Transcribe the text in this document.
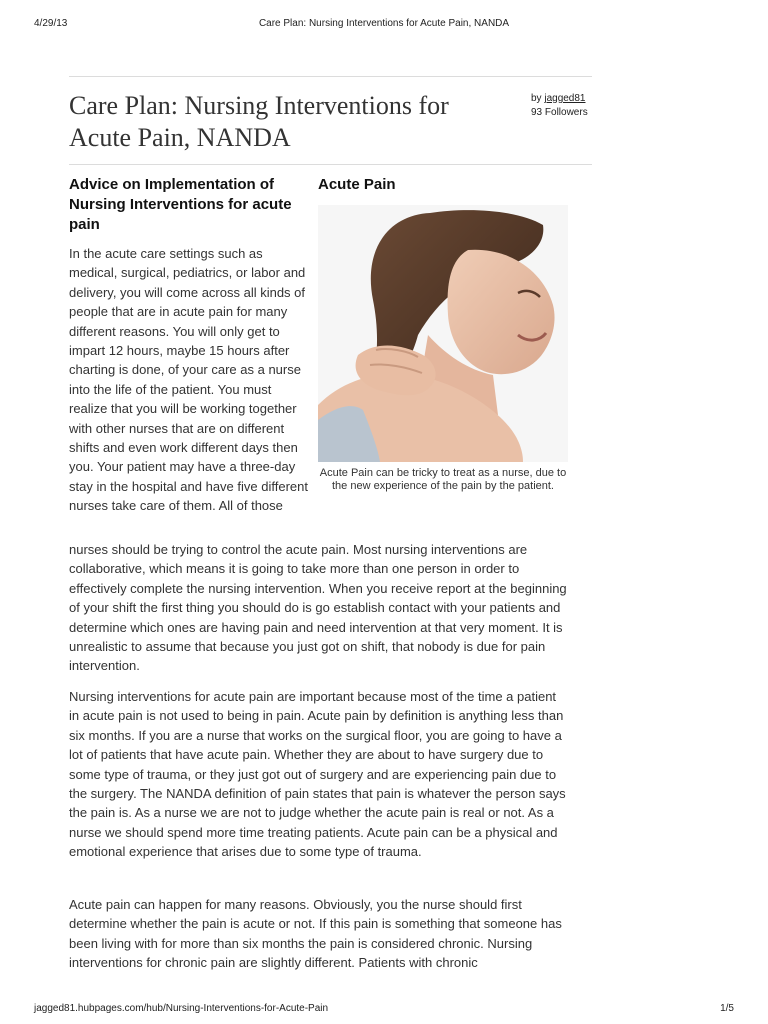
4/29/13	Care Plan: Nursing Interventions for Acute Pain, NANDA
Care Plan: Nursing Interventions for Acute Pain, NANDA
by jagged81
93 Followers
Advice on Implementation of Nursing Interventions for acute pain
Acute Pain
Acute Pain can be tricky to treat as a nurse, due to the new experience of the pain by the patient.

In the acute care settings such as medical, surgical, pediatrics, or labor and delivery, you will come across all kinds of people that are in acute pain for many different reasons. You will only get to impart 12 hours, maybe 15 hours after charting is done, of your care as a nurse into the life of the patient. You must realize that you will be working together with other nurses that are on different shifts and even work different days then you. Your patient may have a three-day stay in the hospital and have five different nurses take care of them. All of those

nurses should be trying to control the acute pain. Most nursing interventions are collaborative, which means it is going to take more than one person in order to effectively complete the nursing intervention. When you receive report at the beginning of your shift the first thing you should do is go establish contact with your patients and determine which ones are having pain and need intervention at that very moment. It is unrealistic to assume that because you just got on shift, that nobody is due for pain intervention.

Nursing interventions for acute pain are important because most of the time a patient in acute pain is not used to being in pain. Acute pain by definition is anything less than six months. If you are a nurse that works on the surgical floor, you are going to have a lot of patients that have acute pain. Whether they are about to have surgery due to some type of trauma, or they just got out of surgery and are experiencing pain due to the surgery. The NANDA definition of pain states that pain is whatever the person says the pain is. As a nurse we are not to judge whether the acute pain is real or not. As a nurse we should spend more time treating patients. Acute pain can be a physical and emotional experience that arises due to some type of trauma.

Acute pain can happen for many reasons. Obviously, you the nurse should first determine whether the pain is acute or not. If this pain is something that someone has been living with for more than six months the pain is considered chronic. Nursing interventions for chronic pain are slightly different. Patients with chronic

jagged81.hubpages.com/hub/Nursing-Interventions-for-Acute-Pain	1/5
